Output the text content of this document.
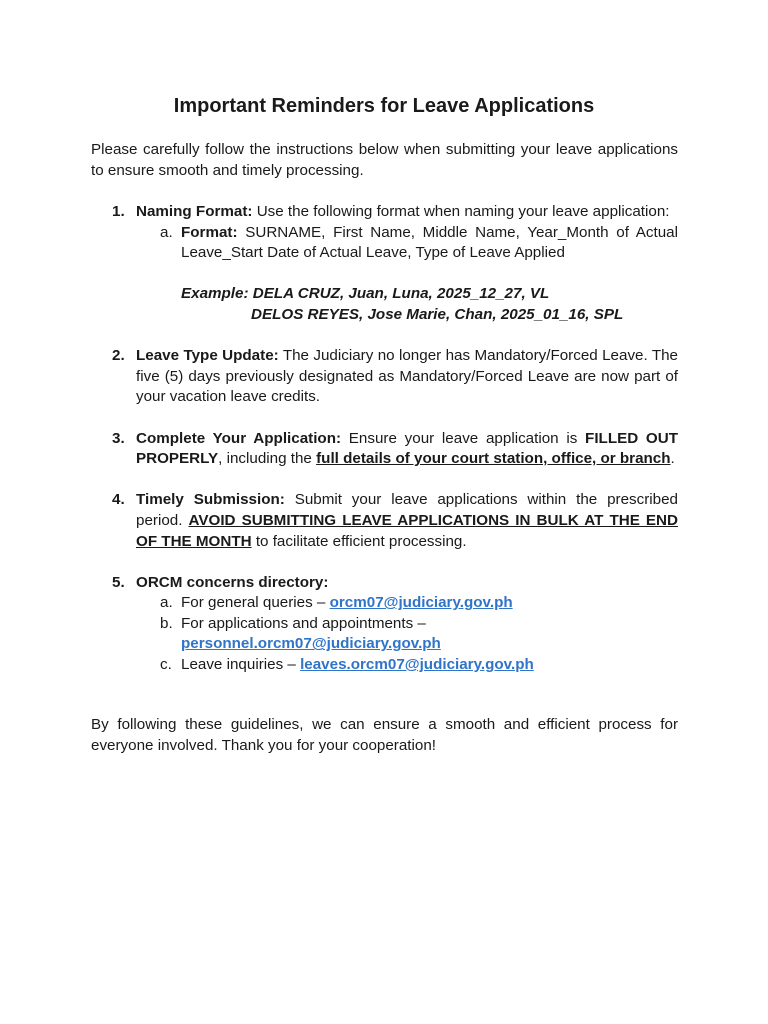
Important Reminders for Leave Applications

Please carefully follow the instructions below when submitting your leave applications to ensure smooth and timely processing.

1. Naming Format: Use the following format when naming your leave application:
a. Format: SURNAME, First Name, Middle Name, Year_Month of Actual Leave_Start Date of Actual Leave, Type of Leave Applied
Example: DELA CRUZ, Juan, Luna, 2025_12_27, VL
DELOS REYES, Jose Marie, Chan, 2025_01_16, SPL
2. Leave Type Update: The Judiciary no longer has Mandatory/Forced Leave. The five (5) days previously designated as Mandatory/Forced Leave are now part of your vacation leave credits.
3. Complete Your Application: Ensure your leave application is FILLED OUT PROPERLY, including the full details of your court station, office, or branch.
4. Timely Submission: Submit your leave applications within the prescribed period. AVOID SUBMITTING LEAVE APPLICATIONS IN BULK AT THE END OF THE MONTH to facilitate efficient processing.
5. ORCM concerns directory:
a. For general queries – orcm07@judiciary.gov.ph
b. For applications and appointments –
personnel.orcm07@judiciary.gov.ph
c. Leave inquiries – leaves.orcm07@judiciary.gov.ph

By following these guidelines, we can ensure a smooth and efficient process for everyone involved. Thank you for your cooperation!
